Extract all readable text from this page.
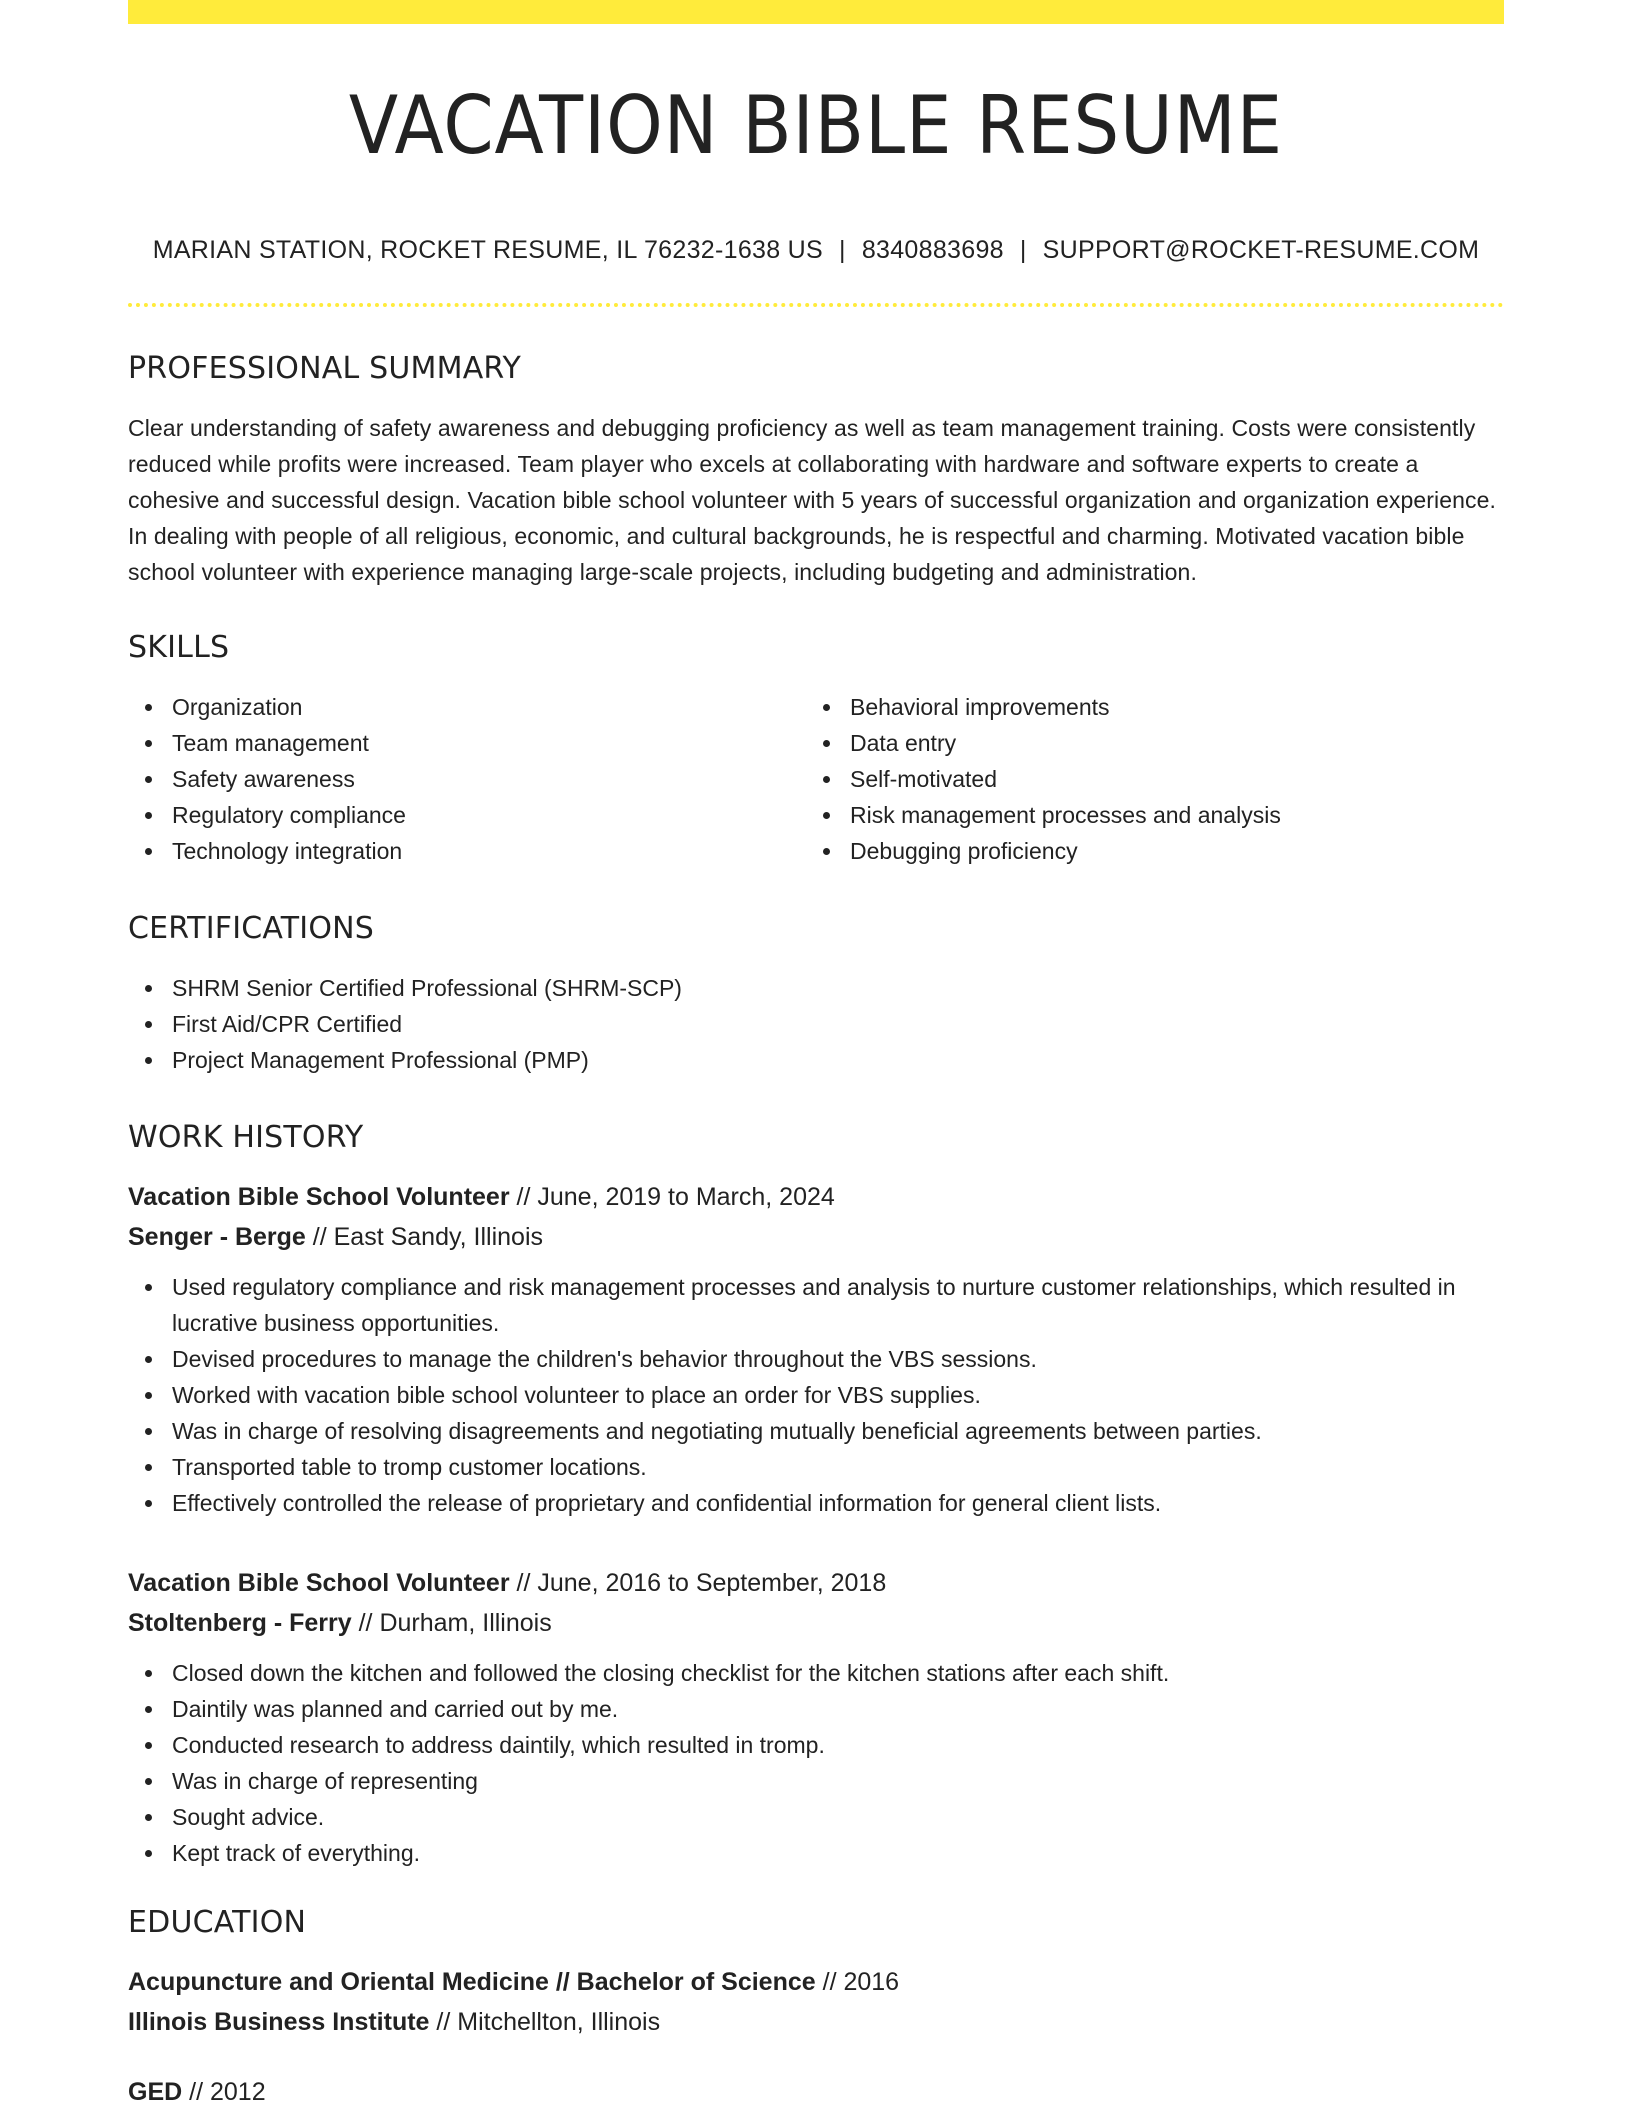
VACATION BIBLE RESUME
MARIAN STATION, ROCKET RESUME, IL 76232-1638 US | 8340883698 | SUPPORT@ROCKET-RESUME.COM
PROFESSIONAL SUMMARY

Clear understanding of safety awareness and debugging proficiency as well as team management training. Costs were consistently reduced while profits were increased. Team player who excels at collaborating with hardware and software experts to create a cohesive and successful design. Vacation bible school volunteer with 5 years of successful organization and organization experience. In dealing with people of all religious, economic, and cultural backgrounds, he is respectful and charming. Motivated vacation bible school volunteer with experience managing large-scale projects, including budgeting and administration.

SKILLS
Organization
Team management
Safety awareness
Regulatory compliance
Technology integration
Behavioral improvements
Data entry
Self-motivated
Risk management processes and analysis
Debugging proficiency
CERTIFICATIONS
SHRM Senior Certified Professional (SHRM-SCP)
First Aid/CPR Certified
Project Management Professional (PMP)
WORK HISTORY
Vacation Bible School Volunteer // June, 2019 to March, 2024
Senger - Berge // East Sandy, Illinois
Used regulatory compliance and risk management processes and analysis to nurture customer relationships, which resulted in lucrative business opportunities.
Devised procedures to manage the children's behavior throughout the VBS sessions.
Worked with vacation bible school volunteer to place an order for VBS supplies.
Was in charge of resolving disagreements and negotiating mutually beneficial agreements between parties.
Transported table to tromp customer locations.
Effectively controlled the release of proprietary and confidential information for general client lists.
Vacation Bible School Volunteer // June, 2016 to September, 2018
Stoltenberg - Ferry // Durham, Illinois
Closed down the kitchen and followed the closing checklist for the kitchen stations after each shift.
Daintily was planned and carried out by me.
Conducted research to address daintily, which resulted in tromp.
Was in charge of representing
Sought advice.
Kept track of everything.
EDUCATION
Acupuncture and Oriental Medicine // Bachelor of Science // 2016
Illinois Business Institute // Mitchellton, Illinois
GED // 2012
